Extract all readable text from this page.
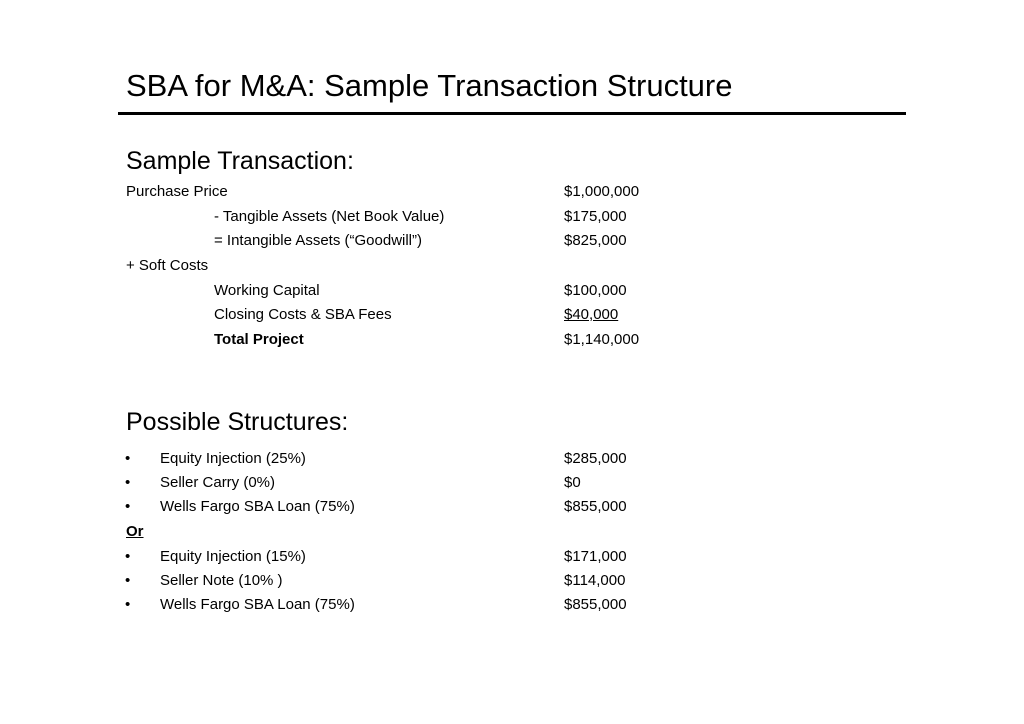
SBA for M&A: Sample Transaction Structure
Sample Transaction:
Purchase Price	$1,000,000
- Tangible Assets (Net Book Value)	$175,000
= Intangible Assets (“Goodwill”)	$825,000
+ Soft Costs
Working Capital	$100,000
Closing Costs & SBA Fees	$40,000
Total Project	$1,140,000
Possible Structures:
• Equity Injection (25%)	$285,000
• Seller Carry (0%)	$0
• Wells Fargo SBA Loan (75%)	$855,000
Or
• Equity Injection (15%)	$171,000
• Seller Note (10% )	$114,000
• Wells Fargo SBA Loan (75%)	$855,000
